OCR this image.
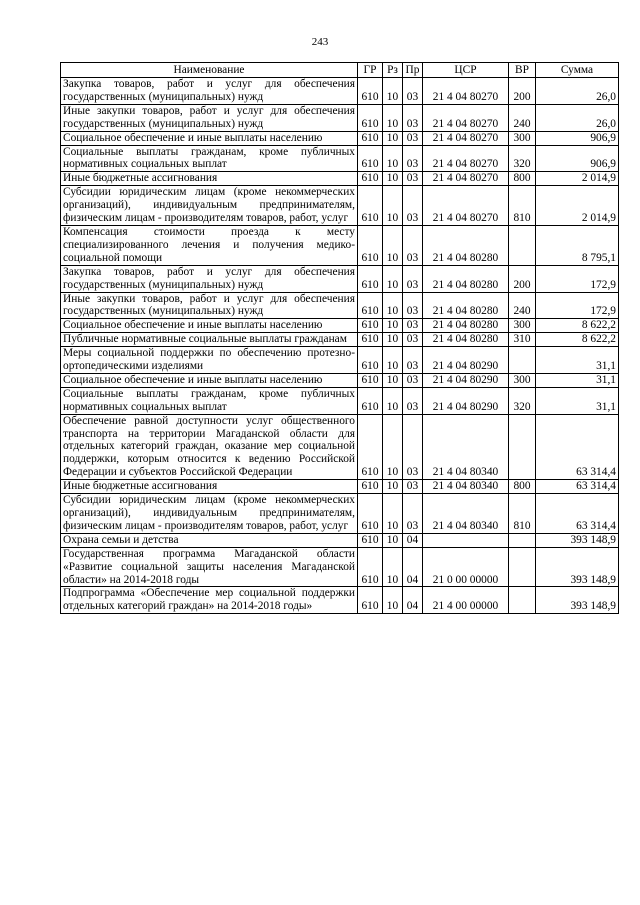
243
Наименование	ГР	Рз	Пр	ЦСР	ВР	Сумма
Закупка товаров, работ и услуг для обеспечения государственных (муниципальных) нужд	610	10	03	21 4 04 80270	200	26,0
Иные закупки товаров, работ и услуг для обеспечения государственных (муниципальных) нужд	610	10	03	21 4 04 80270	240	26,0
Социальное обеспечение и иные выплаты населению	610	10	03	21 4 04 80270	300	906,9
Социальные выплаты гражданам, кроме публичных нормативных социальных выплат	610	10	03	21 4 04 80270	320	906,9
Иные бюджетные ассигнования	610	10	03	21 4 04 80270	800	2 014,9
Субсидии юридическим лицам (кроме некоммерческих организаций), индивидуальным предпринимателям, физическим лицам - производителям товаров, работ, услуг	610	10	03	21 4 04 80270	810	2 014,9
Компенсация стоимости проезда к месту специализированного лечения и получения медико-социальной помощи	610	10	03	21 4 04 80280		8 795,1
Закупка товаров, работ и услуг для обеспечения государственных (муниципальных) нужд	610	10	03	21 4 04 80280	200	172,9
Иные закупки товаров, работ и услуг для обеспечения государственных (муниципальных) нужд	610	10	03	21 4 04 80280	240	172,9
Социальное обеспечение и иные выплаты населению	610	10	03	21 4 04 80280	300	8 622,2
Публичные нормативные социальные выплаты гражданам	610	10	03	21 4 04 80280	310	8 622,2
Меры социальной поддержки по обеспечению протезно-ортопедическими изделиями	610	10	03	21 4 04 80290		31,1
Социальное обеспечение и иные выплаты населению	610	10	03	21 4 04 80290	300	31,1
Социальные выплаты гражданам, кроме публичных нормативных социальных выплат	610	10	03	21 4 04 80290	320	31,1
Обеспечение равной доступности услуг общественного транспорта на территории Магаданской области для отдельных категорий граждан, оказание мер социальной поддержки, которым относится к ведению Российской Федерации и субъектов Российской Федерации	610	10	03	21 4 04 80340		63 314,4
Иные бюджетные ассигнования	610	10	03	21 4 04 80340	800	63 314,4
Субсидии юридическим лицам (кроме некоммерческих организаций), индивидуальным предпринимателям, физическим лицам - производителям товаров, работ, услуг	610	10	03	21 4 04 80340	810	63 314,4
Охрана семьи и детства	610	10	04			393 148,9
Государственная программа Магаданской области «Развитие социальной защиты населения Магаданской области» на 2014-2018 годы	610	10	04	21 0 00 00000		393 148,9
Подпрограмма «Обеспечение мер социальной поддержки отдельных категорий граждан» на 2014-2018 годы»	610	10	04	21 4 00 00000		393 148,9
